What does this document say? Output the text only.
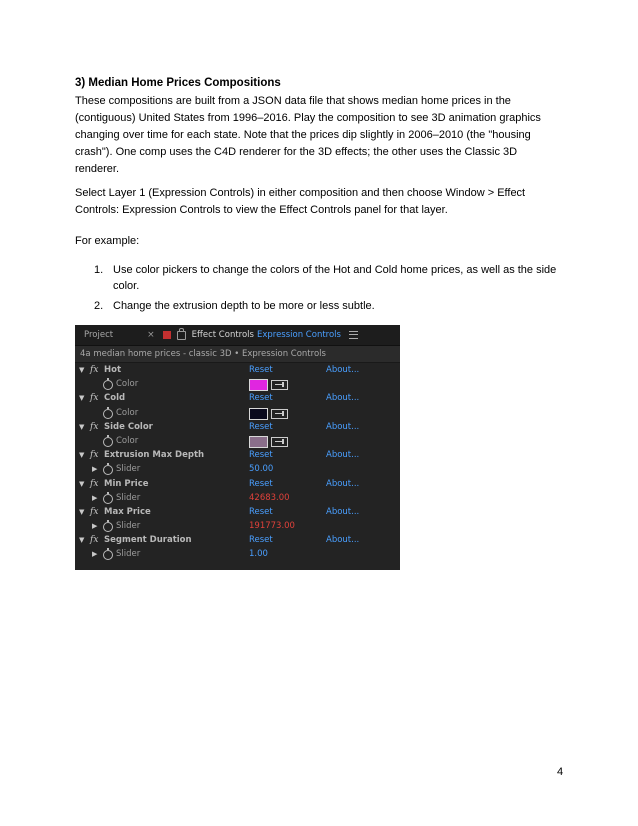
3) Median Home Prices Compositions

These compositions are built from a JSON data file that shows median home prices in the (contiguous) United States from 1996–2016. Play the composition to see 3D animation graphics changing over time for each state. Note that the prices dip slightly in 2006–2010 (the "housing crash"). One comp uses the C4D renderer for the 3D effects; the other uses the Classic 3D renderer.

Select Layer 1 (Expression Controls) in either composition and then choose Window > Effect Controls: Expression Controls to view the Effect Controls panel for that layer.

For example:

1. Use color pickers to change the colors of the Hot and Cold home prices, as well as the side color.
2. Change the extrusion depth to be more or less subtle.
Project	×	Effect Controls Expression Controls
4a median home prices - classic 3D • Expression Controls
▼ fx Hot	Reset	About...
Color
▼ fx Cold	Reset	About...
Color
▼ fx Side Color	Reset	About...
Color
▼ fx Extrusion Max Depth	Reset	About...
▶ Slider	50.00
▼ fx Min Price	Reset	About...
▶ Slider	42683.00
▼ fx Max Price	Reset	About...
▶ Slider	191773.00
▼ fx Segment Duration	Reset	About...
▶ Slider	1.00
4
